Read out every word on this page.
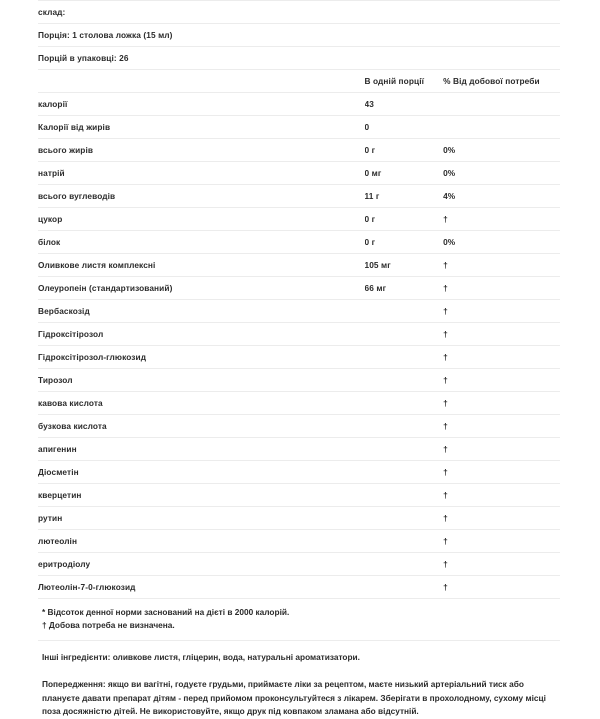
склад:		
Порція: 1 столова ложка (15 мл)		
Порцій в упаковці: 26		
	В одній порції	% Від добової потреби
калорії	43	
Калорії від жирів	0	
всього жирів	0 г	0%
натрій	0 мг	0%
всього вуглеводів	11 г	4%
цукор	0 г	†
білок	0 г	0%
Оливкове листя комплексні	105 мг	†
Олеуропеін (стандартизований)	66 мг	†
Вербаскозід		†
Гідроксітірозол		†
Гідроксітірозол-глюкозид		†
Тирозол		†
кавова кислота		†
бузкова кислота		†
апигенин		†
Діосметін		†
кверцетин		†
рутин		†
лютеолін		†
еритродіолу		†
Лютеолін-7-0-глюкозид		†
* Відсоток денної норми заснований на дієті в 2000 калорій.
† Добова потреба не визначена.
Інші інгредієнти: оливкове листя, гліцерин, вода, натуральні ароматизатори.
Попередження: якщо ви вагітні, годуєте грудьми, приймаєте ліки за рецептом, маєте низький артеріальний тиск або плануєте давати препарат дітям - перед прийомом проконсультуйтеся з лікарем. Зберігати в прохолодному, сухому місці поза досяжністю дітей. Не використовуйте, якщо друк під ковпаком зламана або відсутній.
